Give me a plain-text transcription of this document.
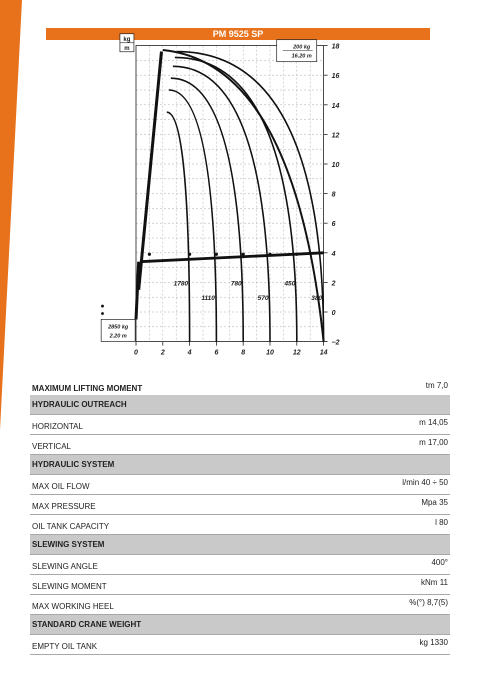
PM 9525 SP
0	2	4	6	8	10	12	14
−2
0
2
4
6
8
10
12
14
16
18
kg
m	200 kg
16.20 m
1780
1110
780
570
450
380
2850 kg
2.20 m
MAXIMUM LIFTING MOMENT	tm 7,0
HYDRAULIC OUTREACH
HORIZONTAL	m 14,05
VERTICAL	m 17,00
HYDRAULIC SYSTEM
MAX OIL FLOW	l/min 40 ÷ 50
MAX PRESSURE	Mpa 35
OIL TANK CAPACITY	l 80
SLEWING SYSTEM
SLEWING ANGLE	400°
SLEWING MOMENT	kNm 11
MAX WORKING HEEL	%(°) 8,7(5)
STANDARD CRANE WEIGHT
EMPTY OIL TANK	kg 1330
